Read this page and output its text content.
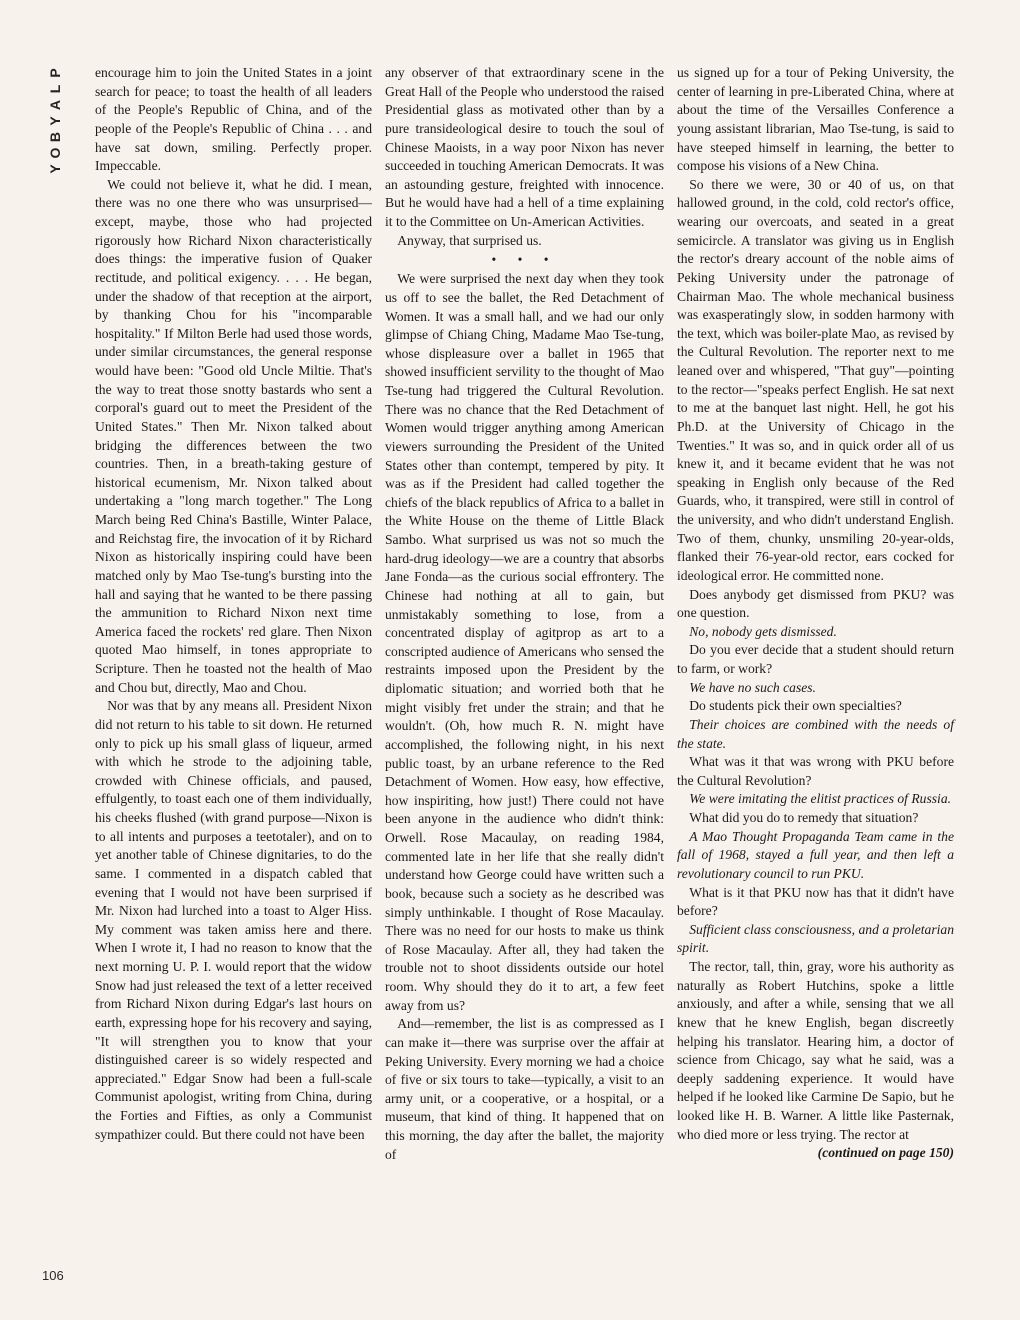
P
L
A
Y
B
O
Y

encourage him to join the United States in a joint search for peace; to toast the health of all leaders of the People's Republic of China, and of the people of the People's Republic of China . . . and have sat down, smiling. Perfectly proper. Impeccable.

We could not believe it, what he did. I mean, there was no one there who was unsurprised—except, maybe, those who had projected rigorously how Richard Nixon characteristically does things: the imperative fusion of Quaker rectitude, and political exigency. . . . He began, under the shadow of that reception at the airport, by thanking Chou for his "incomparable hospitality." If Milton Berle had used those words, under similar circumstances, the general response would have been: "Good old Uncle Miltie. That's the way to treat those snotty bastards who sent a corporal's guard out to meet the President of the United States." Then Mr. Nixon talked about bridging the differences between the two countries. Then, in a breath-taking gesture of historical ecumenism, Mr. Nixon talked about undertaking a "long march together." The Long March being Red China's Bastille, Winter Palace, and Reichstag fire, the invocation of it by Richard Nixon as historically inspiring could have been matched only by Mao Tse-tung's bursting into the hall and saying that he wanted to be there passing the ammunition to Richard Nixon next time America faced the rockets' red glare. Then Nixon quoted Mao himself, in tones appropriate to Scripture. Then he toasted not the health of Mao and Chou but, directly, Mao and Chou.

Nor was that by any means all. President Nixon did not return to his table to sit down. He returned only to pick up his small glass of liqueur, armed with which he strode to the adjoining table, crowded with Chinese officials, and paused, effulgently, to toast each one of them individually, his cheeks flushed (with grand purpose—Nixon is to all intents and purposes a teetotaler), and on to yet another table of Chinese dignitaries, to do the same. I commented in a dispatch cabled that evening that I would not have been surprised if Mr. Nixon had lurched into a toast to Alger Hiss. My comment was taken amiss here and there. When I wrote it, I had no reason to know that the next morning U. P. I. would report that the widow Snow had just released the text of a letter received from Richard Nixon during Edgar's last hours on earth, expressing hope for his recovery and saying, "It will strengthen you to know that your distinguished career is so widely respected and appreciated." Edgar Snow had been a full-scale Communist apologist, writing from China, during the Forties and Fifties, as only a Communist sympathizer could. But there could not have been

any observer of that extraordinary scene in the Great Hall of the People who understood the raised Presidential glass as motivated other than by a pure transideological desire to touch the soul of Chinese Maoists, in a way poor Nixon has never succeeded in touching American Democrats. It was an astounding gesture, freighted with innocence. But he would have had a hell of a time explaining it to the Committee on Un-American Activities.

Anyway, that surprised us.

• • •

We were surprised the next day when they took us off to see the ballet, the Red Detachment of Women. It was a small hall, and we had our only glimpse of Chiang Ching, Madame Mao Tse-tung, whose displeasure over a ballet in 1965 that showed insufficient servility to the thought of Mao Tse-tung had triggered the Cultural Revolution. There was no chance that the Red Detachment of Women would trigger anything among American viewers surrounding the President of the United States other than contempt, tempered by pity. It was as if the President had called together the chiefs of the black republics of Africa to a ballet in the White House on the theme of Little Black Sambo. What surprised us was not so much the hard-drug ideology—we are a country that absorbs Jane Fonda—as the curious social effrontery. The Chinese had nothing at all to gain, but unmistakably something to lose, from a concentrated display of agitprop as art to a conscripted audience of Americans who sensed the restraints imposed upon the President by the diplomatic situation; and worried both that he might visibly fret under the strain; and that he wouldn't. (Oh, how much R. N. might have accomplished, the following night, in his next public toast, by an urbane reference to the Red Detachment of Women. How easy, how effective, how inspiriting, how just!) There could not have been anyone in the audience who didn't think: Orwell. Rose Macaulay, on reading 1984, commented late in her life that she really didn't understand how George could have written such a book, because such a society as he described was simply unthinkable. I thought of Rose Macaulay. There was no need for our hosts to make us think of Rose Macaulay. After all, they had taken the trouble not to shoot dissidents outside our hotel room. Why should they do it to art, a few feet away from us?

And—remember, the list is as compressed as I can make it—there was surprise over the affair at Peking University. Every morning we had a choice of five or six tours to take—typically, a visit to an army unit, or a cooperative, or a hospital, or a museum, that kind of thing. It happened that on this morning, the day after the ballet, the majority of

us signed up for a tour of Peking University, the center of learning in pre-Liberated China, where at about the time of the Versailles Conference a young assistant librarian, Mao Tse-tung, is said to have steeped himself in learning, the better to compose his visions of a New China.

So there we were, 30 or 40 of us, on that hallowed ground, in the cold, cold rector's office, wearing our overcoats, and seated in a great semicircle. A translator was giving us in English the rector's dreary account of the noble aims of Peking University under the patronage of Chairman Mao. The whole mechanical business was exasperatingly slow, in sodden harmony with the text, which was boiler-plate Mao, as revised by the Cultural Revolution. The reporter next to me leaned over and whispered, "That guy"—pointing to the rector—"speaks perfect English. He sat next to me at the banquet last night. Hell, he got his Ph.D. at the University of Chicago in the Twenties." It was so, and in quick order all of us knew it, and it became evident that he was not speaking in English only because of the Red Guards, who, it transpired, were still in control of the university, and who didn't understand English. Two of them, chunky, unsmiling 20-year-olds, flanked their 76-year-old rector, ears cocked for ideological error. He committed none.

Does anybody get dismissed from PKU? was one question.

No, nobody gets dismissed.

Do you ever decide that a student should return to farm, or work?

We have no such cases.

Do students pick their own specialties?

Their choices are combined with the needs of the state.

What was it that was wrong with PKU before the Cultural Revolution?

We were imitating the elitist practices of Russia.

What did you do to remedy that situation?

A Mao Thought Propaganda Team came in the fall of 1968, stayed a full year, and then left a revolutionary council to run PKU.

What is it that PKU now has that it didn't have before?

Sufficient class consciousness, and a proletarian spirit.

The rector, tall, thin, gray, wore his authority as naturally as Robert Hutchins, spoke a little anxiously, and after a while, sensing that we all knew that he knew English, began discreetly helping his translator. Hearing him, a doctor of science from Chicago, say what he said, was a deeply saddening experience. It would have helped if he looked like Carmine De Sapio, but he looked like H. B. Warner. A little like Pasternak, who died more or less trying. The rector at

(continued on page 150)

106
